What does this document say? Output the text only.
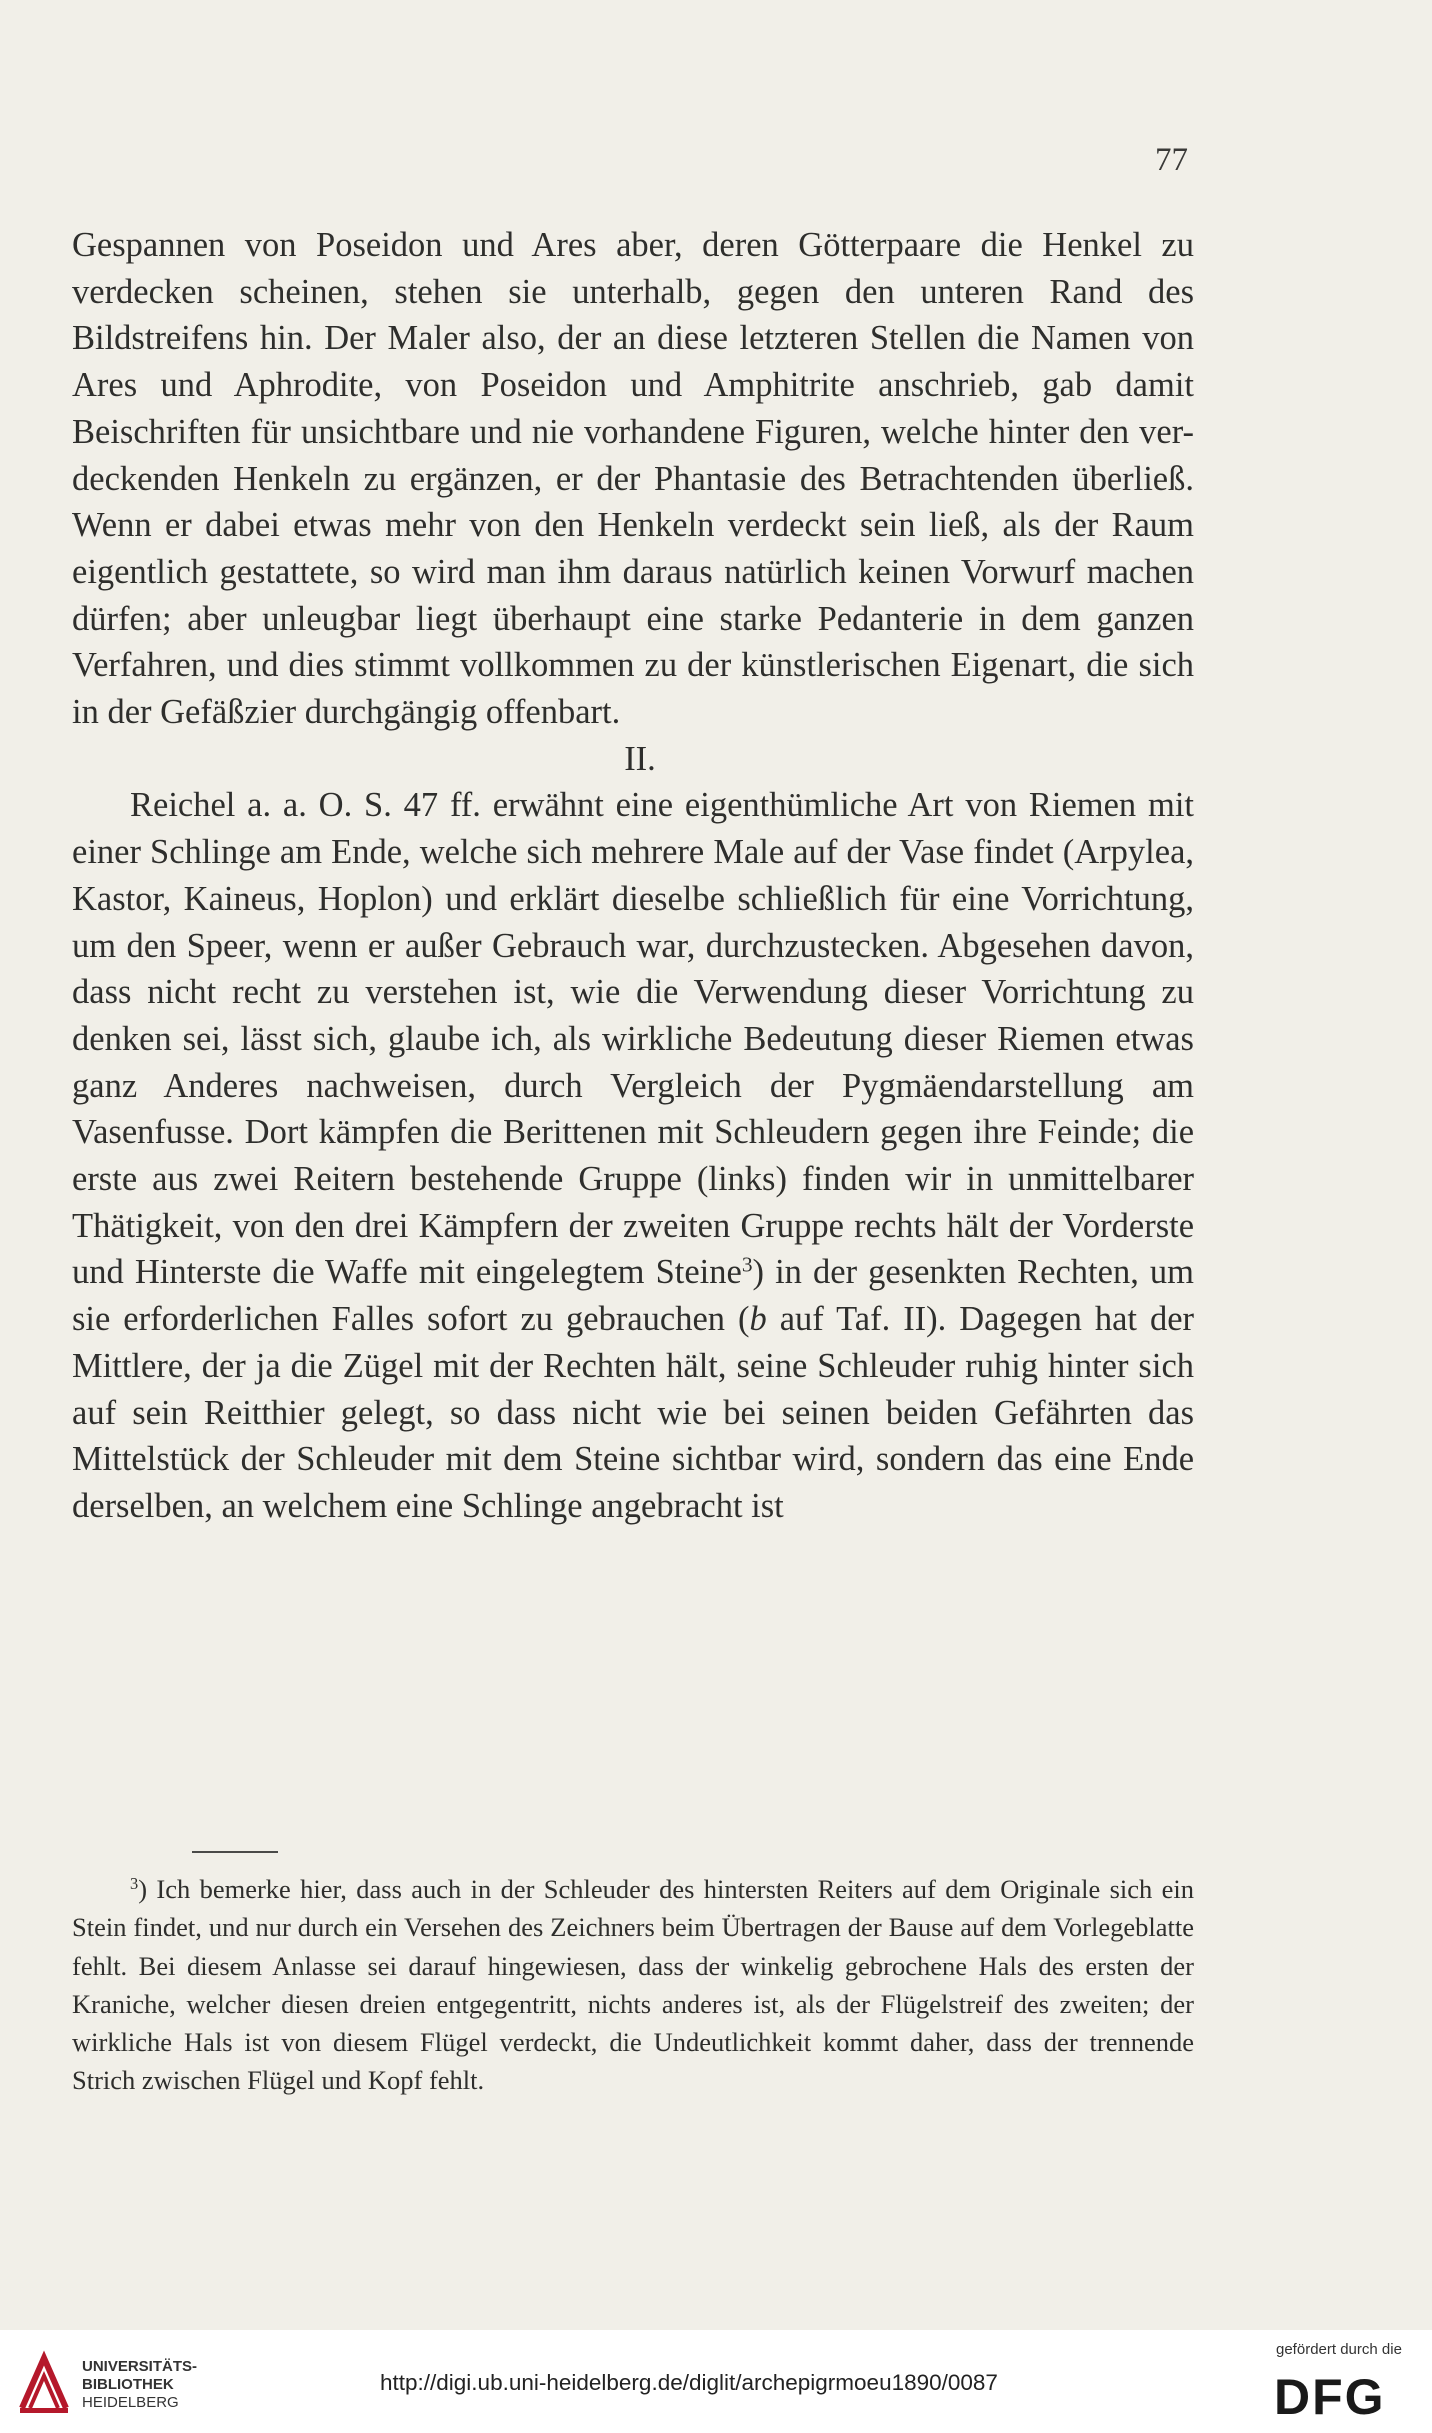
77

Gespannen von Poseidon und Ares aber, deren Götterpaare die Henkel zu verdecken scheinen, stehen sie unterhalb, gegen den unteren Rand des Bildstreifens hin. Der Maler also, der an diese letzteren Stellen die Namen von Ares und Aphrodite, von Poseidon und Amphitrite anschrieb, gab damit Beischriften für unsichtbare und nie vorhandene Figuren, welche hinter den ver- deckenden Henkeln zu ergänzen, er der Phantasie des Betrachtenden überließ. Wenn er dabei etwas mehr von den Henkeln verdeckt sein ließ, als der Raum eigentlich gestattete, so wird man ihm daraus natürlich keinen Vorwurf machen dürfen; aber unleugbar liegt überhaupt eine starke Pedanterie in dem ganzen Verfahren, und dies stimmt vollkommen zu der künstlerischen Eigenart, die sich in der Gefäßzier durchgängig offenbart.

II.

Reichel a. a. O. S. 47 ff. erwähnt eine eigenthümliche Art von Riemen mit einer Schlinge am Ende, welche sich mehrere Male auf der Vase findet (Arpylea, Kastor, Kaineus, Hoplon) und erklärt dieselbe schließlich für eine Vorrichtung, um den Speer, wenn er außer Gebrauch war, durchzustecken. Abgesehen davon, dass nicht recht zu verstehen ist, wie die Verwendung dieser Vorrichtung zu denken sei, lässt sich, glaube ich, als wirkliche Bedeutung dieser Riemen etwas ganz Anderes nachweisen, durch Vergleich der Pygmäendarstellung am Vasenfusse. Dort kämpfen die Berittenen mit Schleudern gegen ihre Feinde; die erste aus zwei Reitern bestehende Gruppe (links) finden wir in unmittelbarer Thätigkeit, von den drei Kämpfern der zweiten Gruppe rechts hält der Vorderste und Hinterste die Waffe mit eingelegtem Steine$^3$) in der gesenkten Rechten, um sie erforderlichen Falles sofort zu gebrauchen (b auf Taf. II). Dagegen hat der Mittlere, der ja die Zügel mit der Rechten hält, seine Schleuder ruhig hinter sich auf sein Reitthier gelegt, so dass nicht wie bei seinen beiden Gefährten das Mittelstück der Schleuder mit dem Steine sichtbar wird, sondern das eine Ende derselben, an welchem eine Schlinge angebracht ist

$^3$) Ich bemerke hier, dass auch in der Schleuder des hintersten Reiters auf dem Originale sich ein Stein findet, und nur durch ein Versehen des Zeichners beim Übertragen der Bause auf dem Vorlegeblatte fehlt. Bei diesem Anlasse sei darauf hingewiesen, dass der winkelig gebrochene Hals des ersten der Kraniche, welcher diesen dreien entgegentritt, nichts anderes ist, als der Flügelstreif des zweiten; der wirkliche Hals ist von diesem Flügel verdeckt, die Undeutlichkeit kommt daher, dass der trennende Strich zwischen Flügel und Kopf fehlt.

UNIVERSITÄTS-
BIBLIOTHEK
HEIDELBERG
http://digi.ub.uni-heidelberg.de/diglit/archepigrmoeu1890/0087
gefördert durch die
DFG
